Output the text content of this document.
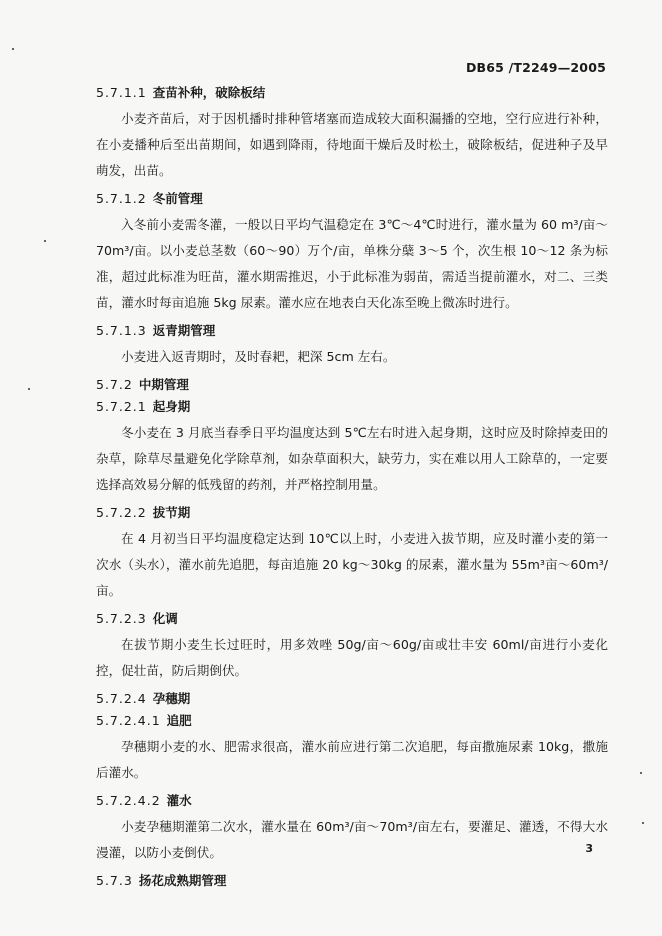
DB65 /T2249—2005
5.7.1.1 查苗补种，破除板结
小麦齐苗后，对于因机播时排种管堵塞而造成较大面积漏播的空地，空行应进行补种，在小麦播种后至出苗期间，如遇到降雨，待地面干燥后及时松土，破除板结，促进种子及早萌发，出苗。
5.7.1.2 冬前管理
入冬前小麦需冬灌，一般以日平均气温稳定在 3℃～4℃时进行，灌水量为 60 m³/亩～70m³/亩。以小麦总茎数（60～90）万个/亩，单株分蘖 3～5 个，次生根 10～12 条为标准，超过此标准为旺苗，灌水期需推迟，小于此标准为弱苗，需适当提前灌水，对二、三类苗，灌水时每亩追施 5kg 尿素。灌水应在地表白天化冻至晚上微冻时进行。
5.7.1.3 返青期管理
小麦进入返青期时，及时春耙，耙深 5cm 左右。
5.7.2 中期管理
5.7.2.1 起身期
冬小麦在 3 月底当春季日平均温度达到 5℃左右时进入起身期，这时应及时除掉麦田的杂草，除草尽量避免化学除草剂，如杂草面积大，缺劳力，实在难以用人工除草的，一定要选择高效易分解的低残留的药剂，并严格控制用量。
5.7.2.2 拔节期
在 4 月初当日平均温度稳定达到 10℃以上时，小麦进入拔节期，应及时灌小麦的第一次水（头水），灌水前先追肥，每亩追施 20 kg～30kg 的尿素，灌水量为 55m³亩～60m³/亩。
5.7.2.3 化调
在拔节期小麦生长过旺时，用多效唑 50g/亩～60g/亩或壮丰安 60ml/亩进行小麦化控，促壮苗，防后期倒伏。
5.7.2.4 孕穗期
5.7.2.4.1 追肥
孕穗期小麦的水、肥需求很高，灌水前应进行第二次追肥，每亩撒施尿素 10kg，撒施后灌水。
5.7.2.4.2 灌水
小麦孕穗期灌第二次水，灌水量在 60m³/亩～70m³/亩左右，要灌足、灌透，不得大水漫灌，以防小麦倒伏。
5.7.3 扬花成熟期管理
3
